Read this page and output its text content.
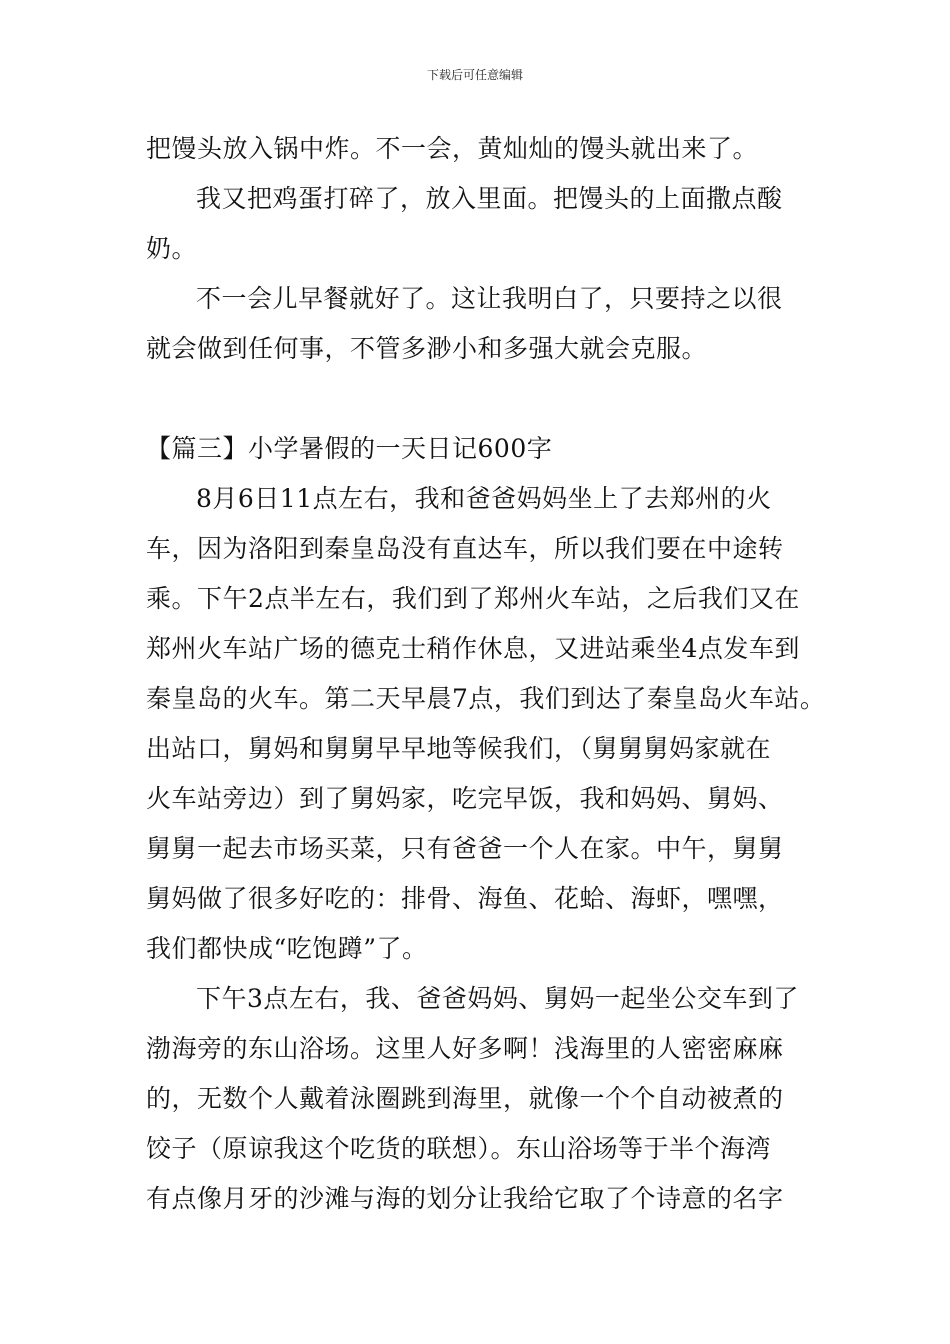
下载后可任意编辑
把馒头放入锅中炸。不一会，黄灿灿的馒头就出来了。
我又把鸡蛋打碎了，放入里面。把馒头的上面撒点酸
奶。
不一会儿早餐就好了。这让我明白了，只要持之以很
就会做到任何事，不管多渺小和多强大就会克服。
【篇三】小学暑假的一天日记600字
8月6日11点左右，我和爸爸妈妈坐上了去郑州的火
车，因为洛阳到秦皇岛没有直达车，所以我们要在中途转
乘。下午2点半左右，我们到了郑州火车站，之后我们又在
郑州火车站广场的德克士稍作休息，又进站乘坐4点发车到
秦皇岛的火车。第二天早晨7点，我们到达了秦皇岛火车站。
出站口，舅妈和舅舅早早地等候我们，（舅舅舅妈家就在
火车站旁边）到了舅妈家，吃完早饭，我和妈妈、舅妈、
舅舅一起去市场买菜，只有爸爸一个人在家。中午，舅舅
舅妈做了很多好吃的：排骨、海鱼、花蛤、海虾，嘿嘿，
我们都快成“吃饱蹲”了。
下午3点左右，我、爸爸妈妈、舅妈一起坐公交车到了
渤海旁的东山浴场。这里人好多啊！浅海里的人密密麻麻
的，无数个人戴着泳圈跳到海里，就像一个个自动被煮的
饺子（原谅我这个吃货的联想）。东山浴场等于半个海湾
有点像月牙的沙滩与海的划分让我给它取了个诗意的名字
